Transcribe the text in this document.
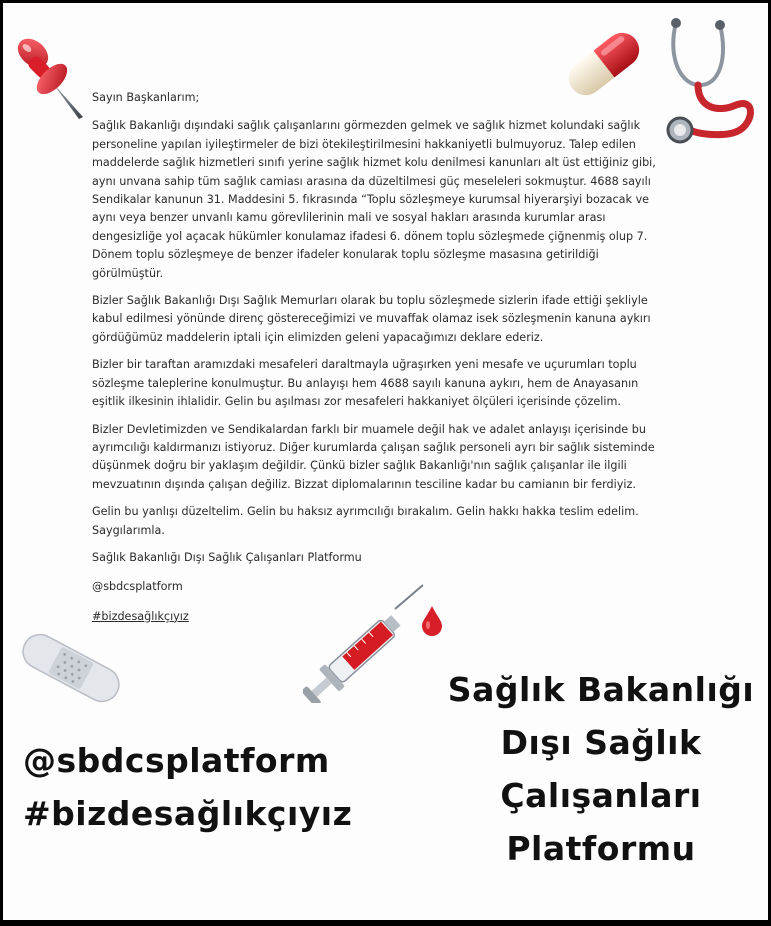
Sayın Başkanlarım;

Sağlık Bakanlığı dışındaki sağlık çalışanlarını görmezden gelmek ve sağlık hizmet kolundaki sağlık personeline yapılan iyileştirmeler de bizi ötekileştirilmesini hakkaniyetli bulmuyoruz. Talep edilen maddelerde sağlık hizmetleri sınıfı yerine sağlık hizmet kolu denilmesi kanunları alt üst ettiğiniz gibi, aynı unvana sahip tüm sağlık camiası arasına da düzeltilmesi güç meseleleri sokmuştur. 4688 sayılı Sendikalar kanunun 31. Maddesini 5. fıkrasında “Toplu sözleşmeye kurumsal hiyerarşiyi bozacak ve aynı veya benzer unvanlı kamu görevlilerinin mali ve sosyal hakları arasında kurumlar arası dengesizliğe yol açacak hükümler konulamaz ifadesi 6. dönem toplu sözleşmede çiğnenmiş olup 7. Dönem toplu sözleşmeye de benzer ifadeler konularak toplu sözleşme masasına getirildiği görülmüştür.

Bizler Sağlık Bakanlığı Dışı Sağlık Memurları olarak bu toplu sözleşmede sizlerin ifade ettiği şekliyle kabul edilmesi yönünde direnç göstereceğimizi ve muvaffak olamaz isek sözleşmenin kanuna aykırı gördüğümüz maddelerin iptali için elimizden geleni yapacağımızı deklare ederiz.

Bizler bir taraftan aramızdaki mesafeleri daraltmayla uğraşırken yeni mesafe ve uçurumları toplu sözleşme taleplerine konulmuştur. Bu anlayışı hem 4688 sayılı kanuna aykırı, hem de Anayasanın eşitlik ilkesinin ihlalidir. Gelin bu aşılması zor mesafeleri hakkaniyet ölçüleri içerisinde çözelim.

Bizler Devletimizden ve Sendikalardan farklı bir muamele değil hak ve adalet anlayışı içerisinde bu ayrımcılığı kaldırmanızı istiyoruz. Diğer kurumlarda çalışan sağlık personeli ayrı bir sağlık sisteminde düşünmek doğru bir yaklaşım değildir. Çünkü bizler sağlık Bakanlığı'nın sağlık çalışanlar ile ilgili mevzuatının dışında çalışan değiliz. Bizzat diplomalarının tesciline kadar bu camianın bir ferdiyiz.

Gelin bu yanlışı düzeltelim. Gelin bu haksız ayrımcılığı bırakalım. Gelin hakkı hakka teslim edelim. Saygılarımla.

Sağlık Bakanlığı Dışı Sağlık Çalışanları Platformu

@sbdcsplatform

#bizdesağlıkçıyız

@sbdcsplatform
#bizdesağlıkçıyız
Sağlık Bakanlığı
Dışı Sağlık
Çalışanları
Platformu
